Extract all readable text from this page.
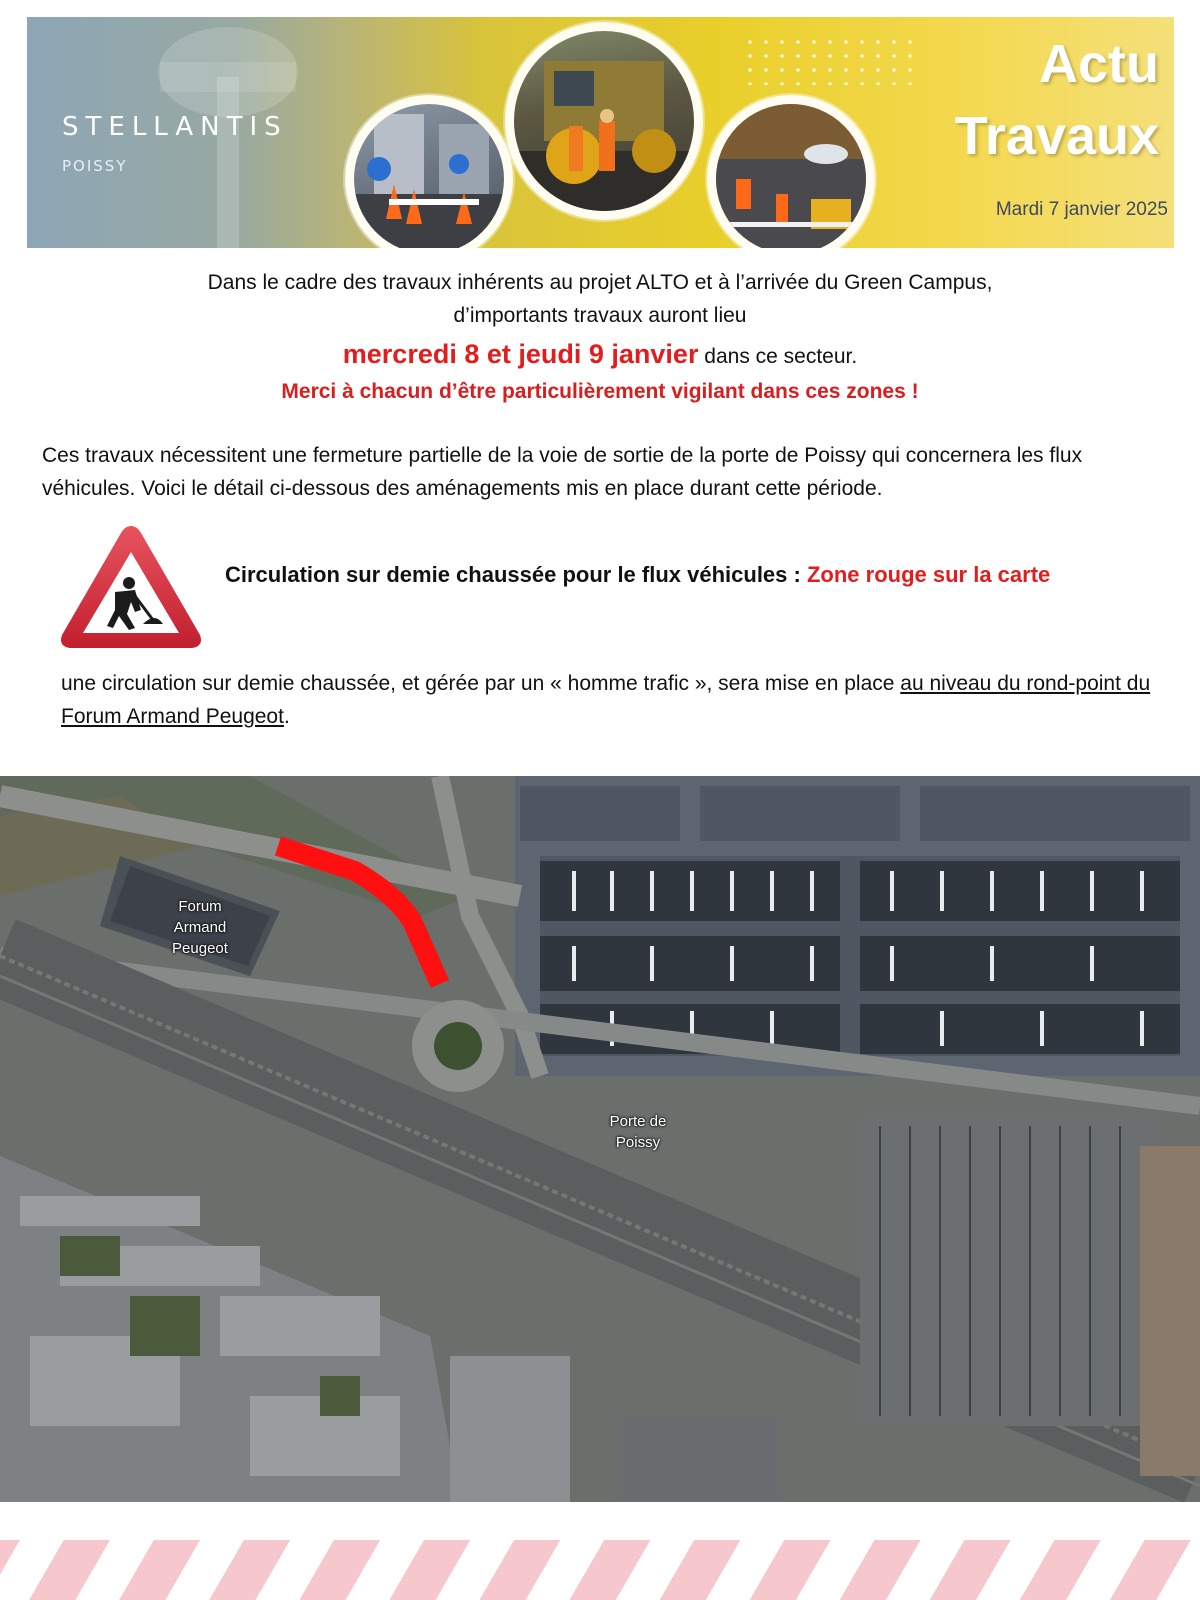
STELLANTIS
POISSY
Actu
Travaux
Mardi 7 janvier 2025
Dans le cadre des travaux inhérents au projet ALTO et à l’arrivée du Green Campus,
d’importants travaux auront lieu
mercredi 8 et jeudi 9 janvier dans ce secteur.
Merci à chacun d’être particulièrement vigilant dans ces zones !
Ces travaux nécessitent une fermeture partielle de la voie de sortie de la porte de Poissy qui concernera les flux véhicules. Voici le détail ci-dessous des aménagements mis en place durant cette période.
Circulation sur demie chaussée pour le flux véhicules : Zone rouge sur la carte
une circulation sur demie chaussée, et gérée par un « homme trafic », sera mise en place au niveau du rond-point du Forum Armand Peugeot.
Forum Armand Peugeot
Porte de Poissy
